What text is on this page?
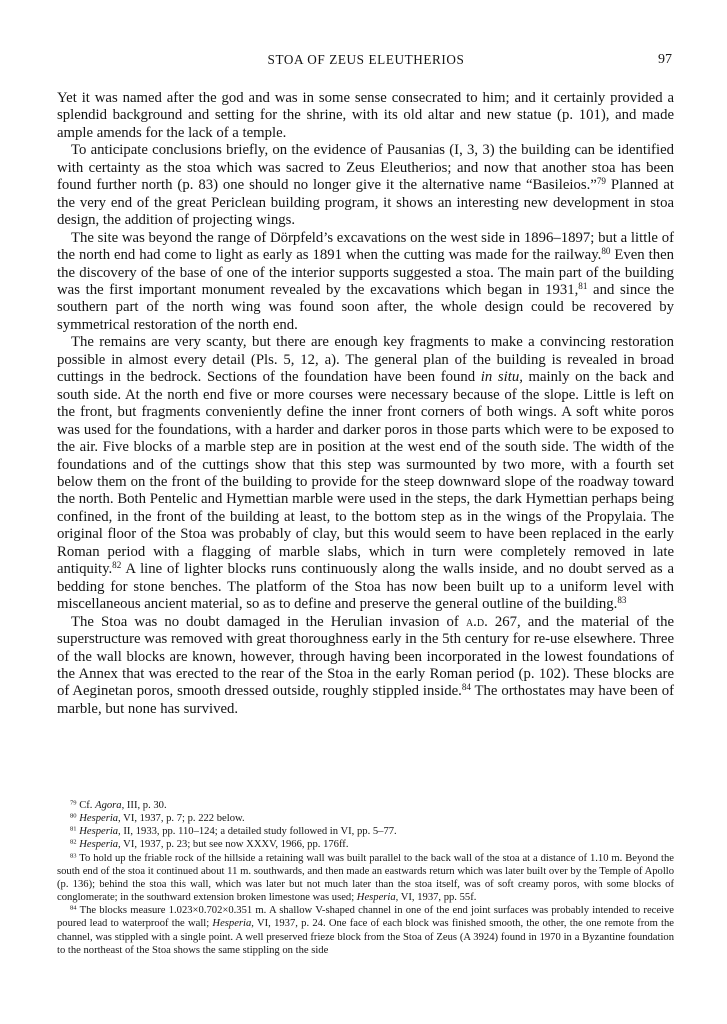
STOA OF ZEUS ELEUTHERIOS	97

Yet it was named after the god and was in some sense consecrated to him; and it certainly provided a splendid background and setting for the shrine, with its old altar and new statue (p. 101), and made ample amends for the lack of a temple.

To anticipate conclusions briefly, on the evidence of Pausanias (I, 3, 3) the building can be identified with certainty as the stoa which was sacred to Zeus Eleutherios; and now that another stoa has been found further north (p. 83) one should no longer give it the alternative name “Basileios.”$^{79}$ Planned at the very end of the great Periclean building program, it shows an interesting new development in stoa design, the addition of projecting wings.

The site was beyond the range of Dörpfeld’s excavations on the west side in 1896–1897; but a little of the north end had come to light as early as 1891 when the cutting was made for the railway.$^{80}$ Even then the discovery of the base of one of the interior supports suggested a stoa. The main part of the building was the first important monument revealed by the excavations which began in 1931,81 and since the southern part of the north wing was found soon after, the whole design could be recovered by symmetrical restoration of the north end.

The remains are very scanty, but there are enough key fragments to make a convincing restoration possible in almost every detail (Pls. 5, 12, a). The general plan of the building is revealed in broad cuttings in the bedrock. Sections of the foundation have been found in situ, mainly on the back and south side. At the north end five or more courses were necessary because of the slope. Little is left on the front, but fragments conveniently define the inner front corners of both wings. A soft white poros was used for the foundations, with a harder and darker poros in those parts which were to be exposed to the air. Five blocks of a marble step are in position at the west end of the south side. The width of the foundations and of the cuttings show that this step was surmounted by two more, with a fourth set below them on the front of the building to provide for the steep downward slope of the roadway toward the north. Both Pentelic and Hymettian marble were used in the steps, the dark Hymettian perhaps being confined, in the front of the building at least, to the bottom step as in the wings of the Propylaia. The original floor of the Stoa was probably of clay, but this would seem to have been replaced in the early Roman period with a flagging of marble slabs, which in turn were completely removed in late antiquity.$^{82}$ A line of lighter blocks runs continuously along the walls inside, and no doubt served as a bedding for stone benches. The platform of the Stoa has now been built up to a uniform level with miscellaneous ancient material, so as to define and preserve the general outline of the building.$^{83}$

The Stoa was no doubt damaged in the Herulian invasion of a.d. 267, and the material of the superstructure was removed with great thoroughness early in the 5th century for re-use elsewhere. Three of the wall blocks are known, however, through having been incorporated in the lowest foundations of the Annex that was erected to the rear of the Stoa in the early Roman period (p. 102). These blocks are of Aeginetan poros, smooth dressed outside, roughly stippled inside.$^{84}$ The orthostates may have been of marble, but none has survived.

$^{79}$ Cf. Agora, III, p. 30.

$^{80}$ Hesperia, VI, 1937, p. 7; p. 222 below.

$^{81}$ Hesperia, II, 1933, pp. 110–124; a detailed study followed in VI, pp. 5–77.

$^{82}$ Hesperia, VI, 1937, p. 23; but see now XXXV, 1966, pp. 176ff.

$^{83}$ To hold up the friable rock of the hillside a retaining wall was built parallel to the back wall of the stoa at a distance of 1.10 m. Beyond the south end of the stoa it continued about 11 m. southwards, and then made an eastwards return which was later built over by the Temple of Apollo (p. 136); behind the stoa this wall, which was later but not much later than the stoa itself, was of soft creamy poros, with some blocks of conglomerate; in the southward extension broken limestone was used; Hesperia, VI, 1937, pp. 55f.

$^{84}$ The blocks measure 1.023×0.702×0.351 m. A shallow V-shaped channel in one of the end joint surfaces was probably intended to receive poured lead to waterproof the wall; Hesperia, VI, 1937, p. 24. One face of each block was finished smooth, the other, the one remote from the channel, was stippled with a single point. A well preserved frieze block from the Stoa of Zeus (A 3924) found in 1970 in a Byzantine foundation to the northeast of the Stoa shows the same stippling on the side
